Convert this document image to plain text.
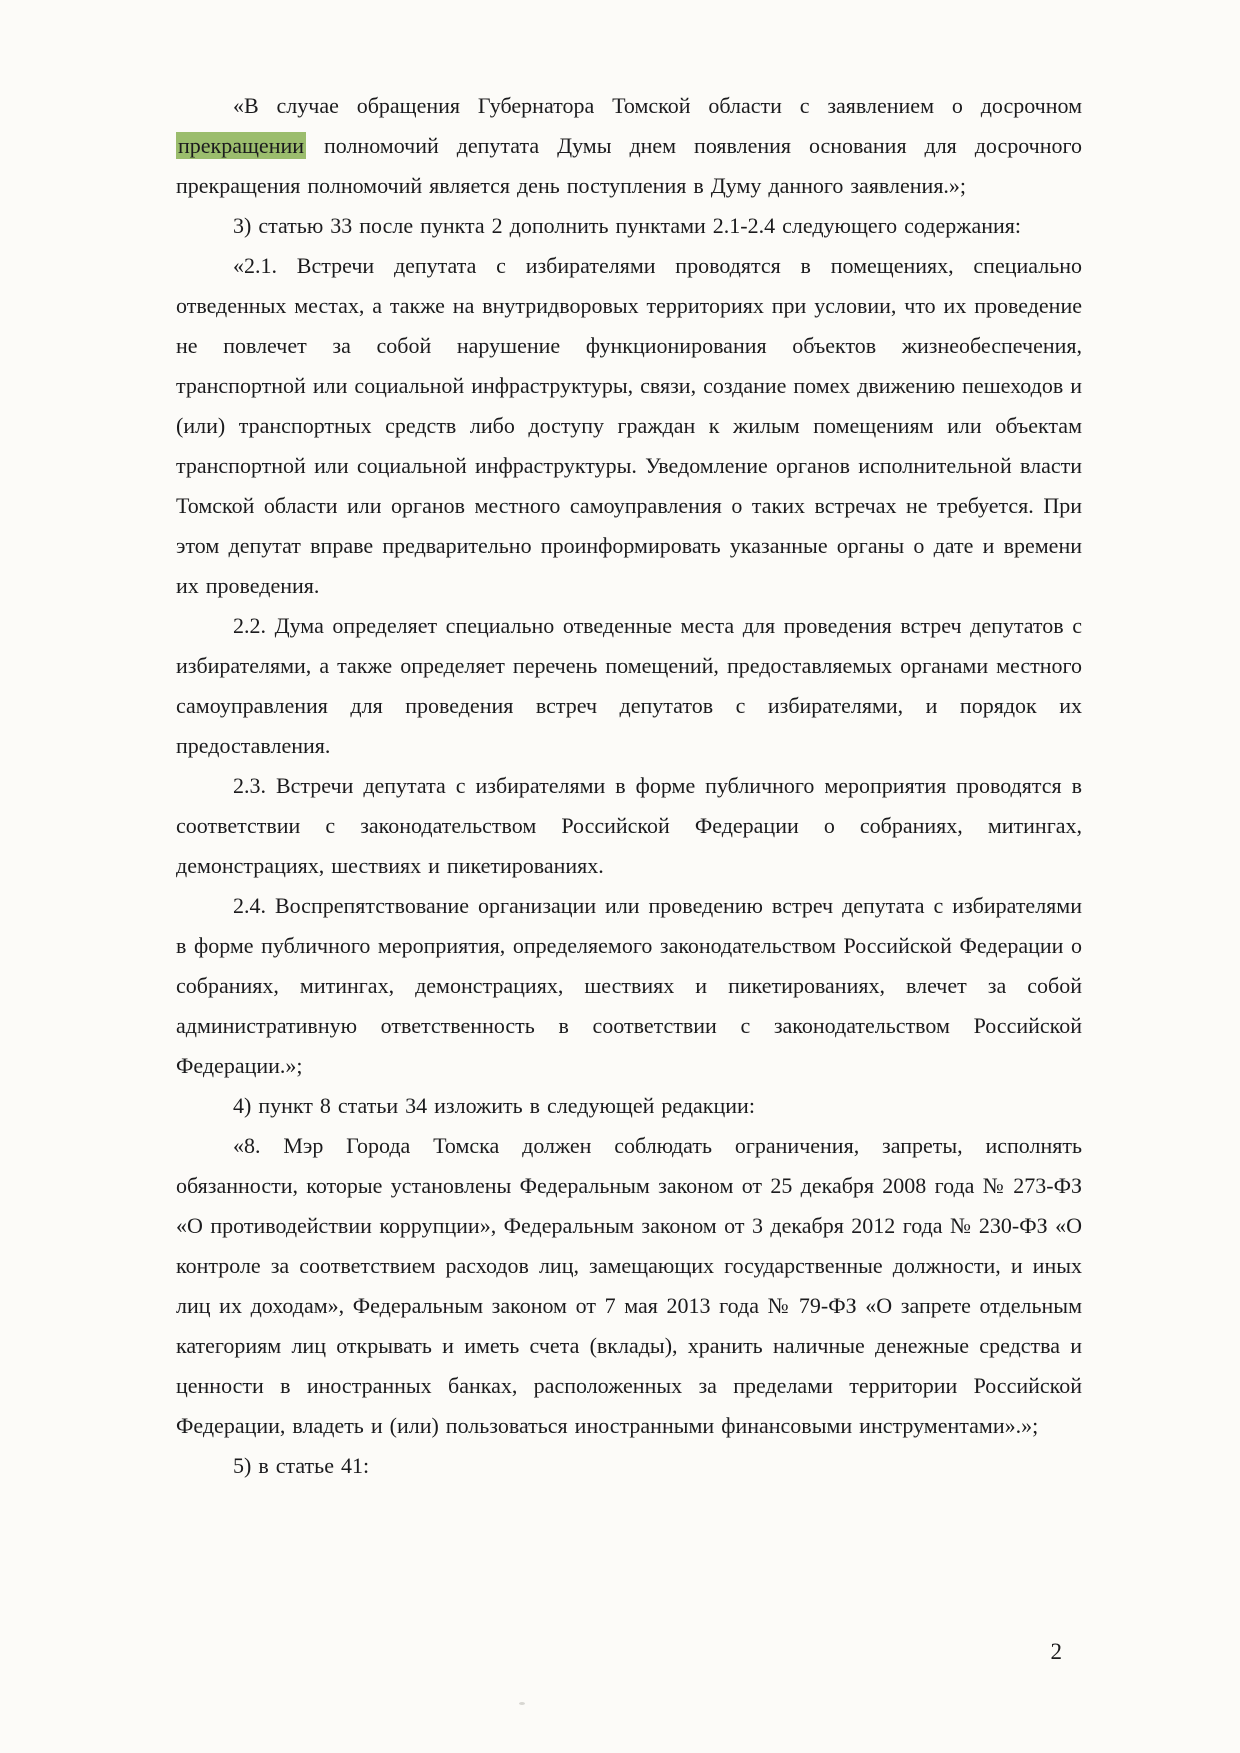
«В случае обращения Губернатора Томской области с заявлением о досрочном прекращении полномочий депутата Думы днем появления основания для досрочного прекращения полномочий является день поступления в Думу данного заявления.»;

3) статью 33 после пункта 2 дополнить пунктами 2.1-2.4 следующего содержания:

«2.1. Встречи депутата с избирателями проводятся в помещениях, специально отведенных местах, а также на внутридворовых территориях при условии, что их проведение не повлечет за собой нарушение функционирования объектов жизнеобеспечения, транспортной или социальной инфраструктуры, связи, создание помех движению пешеходов и (или) транспортных средств либо доступу граждан к жилым помещениям или объектам транспортной или социальной инфраструктуры. Уведомление органов исполнительной власти Томской области или органов местного самоуправления о таких встречах не требуется. При этом депутат вправе предварительно проинформировать указанные органы о дате и времени их проведения.

2.2. Дума определяет специально отведенные места для проведения встреч депутатов с избирателями, а также определяет перечень помещений, предоставляемых органами местного самоуправления для проведения встреч депутатов с избирателями, и порядок их предоставления.

2.3. Встречи депутата с избирателями в форме публичного мероприятия проводятся в соответствии с законодательством Российской Федерации о собраниях, митингах, демонстрациях, шествиях и пикетированиях.

2.4. Воспрепятствование организации или проведению встреч депутата с избирателями в форме публичного мероприятия, определяемого законодательством Российской Федерации о собраниях, митингах, демонстрациях, шествиях и пикетированиях, влечет за собой административную ответственность в соответствии с законодательством Российской Федерации.»;

4) пункт 8 статьи 34 изложить в следующей редакции:

«8. Мэр Города Томска должен соблюдать ограничения, запреты, исполнять обязанности, которые установлены Федеральным законом от 25 декабря 2008 года № 273-ФЗ «О противодействии коррупции», Федеральным законом от 3 декабря 2012 года № 230-ФЗ «О контроле за соответствием расходов лиц, замещающих государственные должности, и иных лиц их доходам», Федеральным законом от 7 мая 2013 года № 79-ФЗ «О запрете отдельным категориям лиц открывать и иметь счета (вклады), хранить наличные денежные средства и ценности в иностранных банках, расположенных за пределами территории Российской Федерации, владеть и (или) пользоваться иностранными финансовыми инструментами».»;

5) в статье 41:

2
